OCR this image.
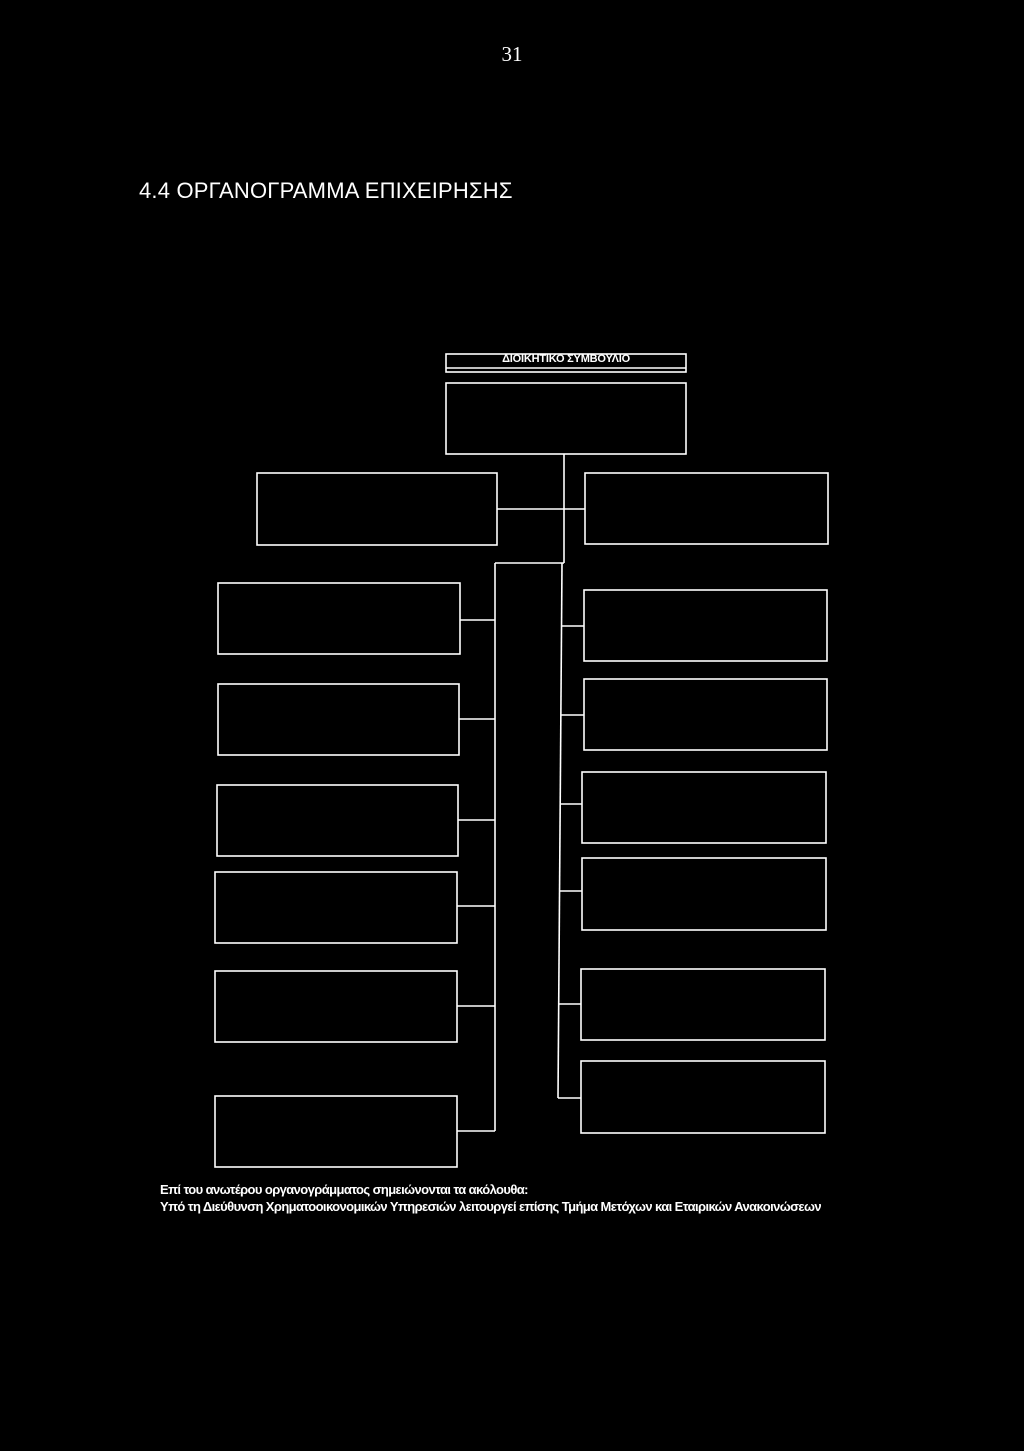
31
4.4 ΟΡΓΑΝΟΓΡΑΜΜΑ ΕΠΙΧΕΙΡΗΣΗΣ
ΔΙΟΙΚΗΤΙΚΟ ΣΥΜΒΟΥΛΙΟ
Επί του ανωτέρου οργανογράμματος σημειώνονται τα ακόλουθα:
Υπό τη Διεύθυνση Χρηματοοικονομικών Υπηρεσιών λειτουργεί επίσης Τμήμα Μετόχων και Εταιρικών Ανακοινώσεων
